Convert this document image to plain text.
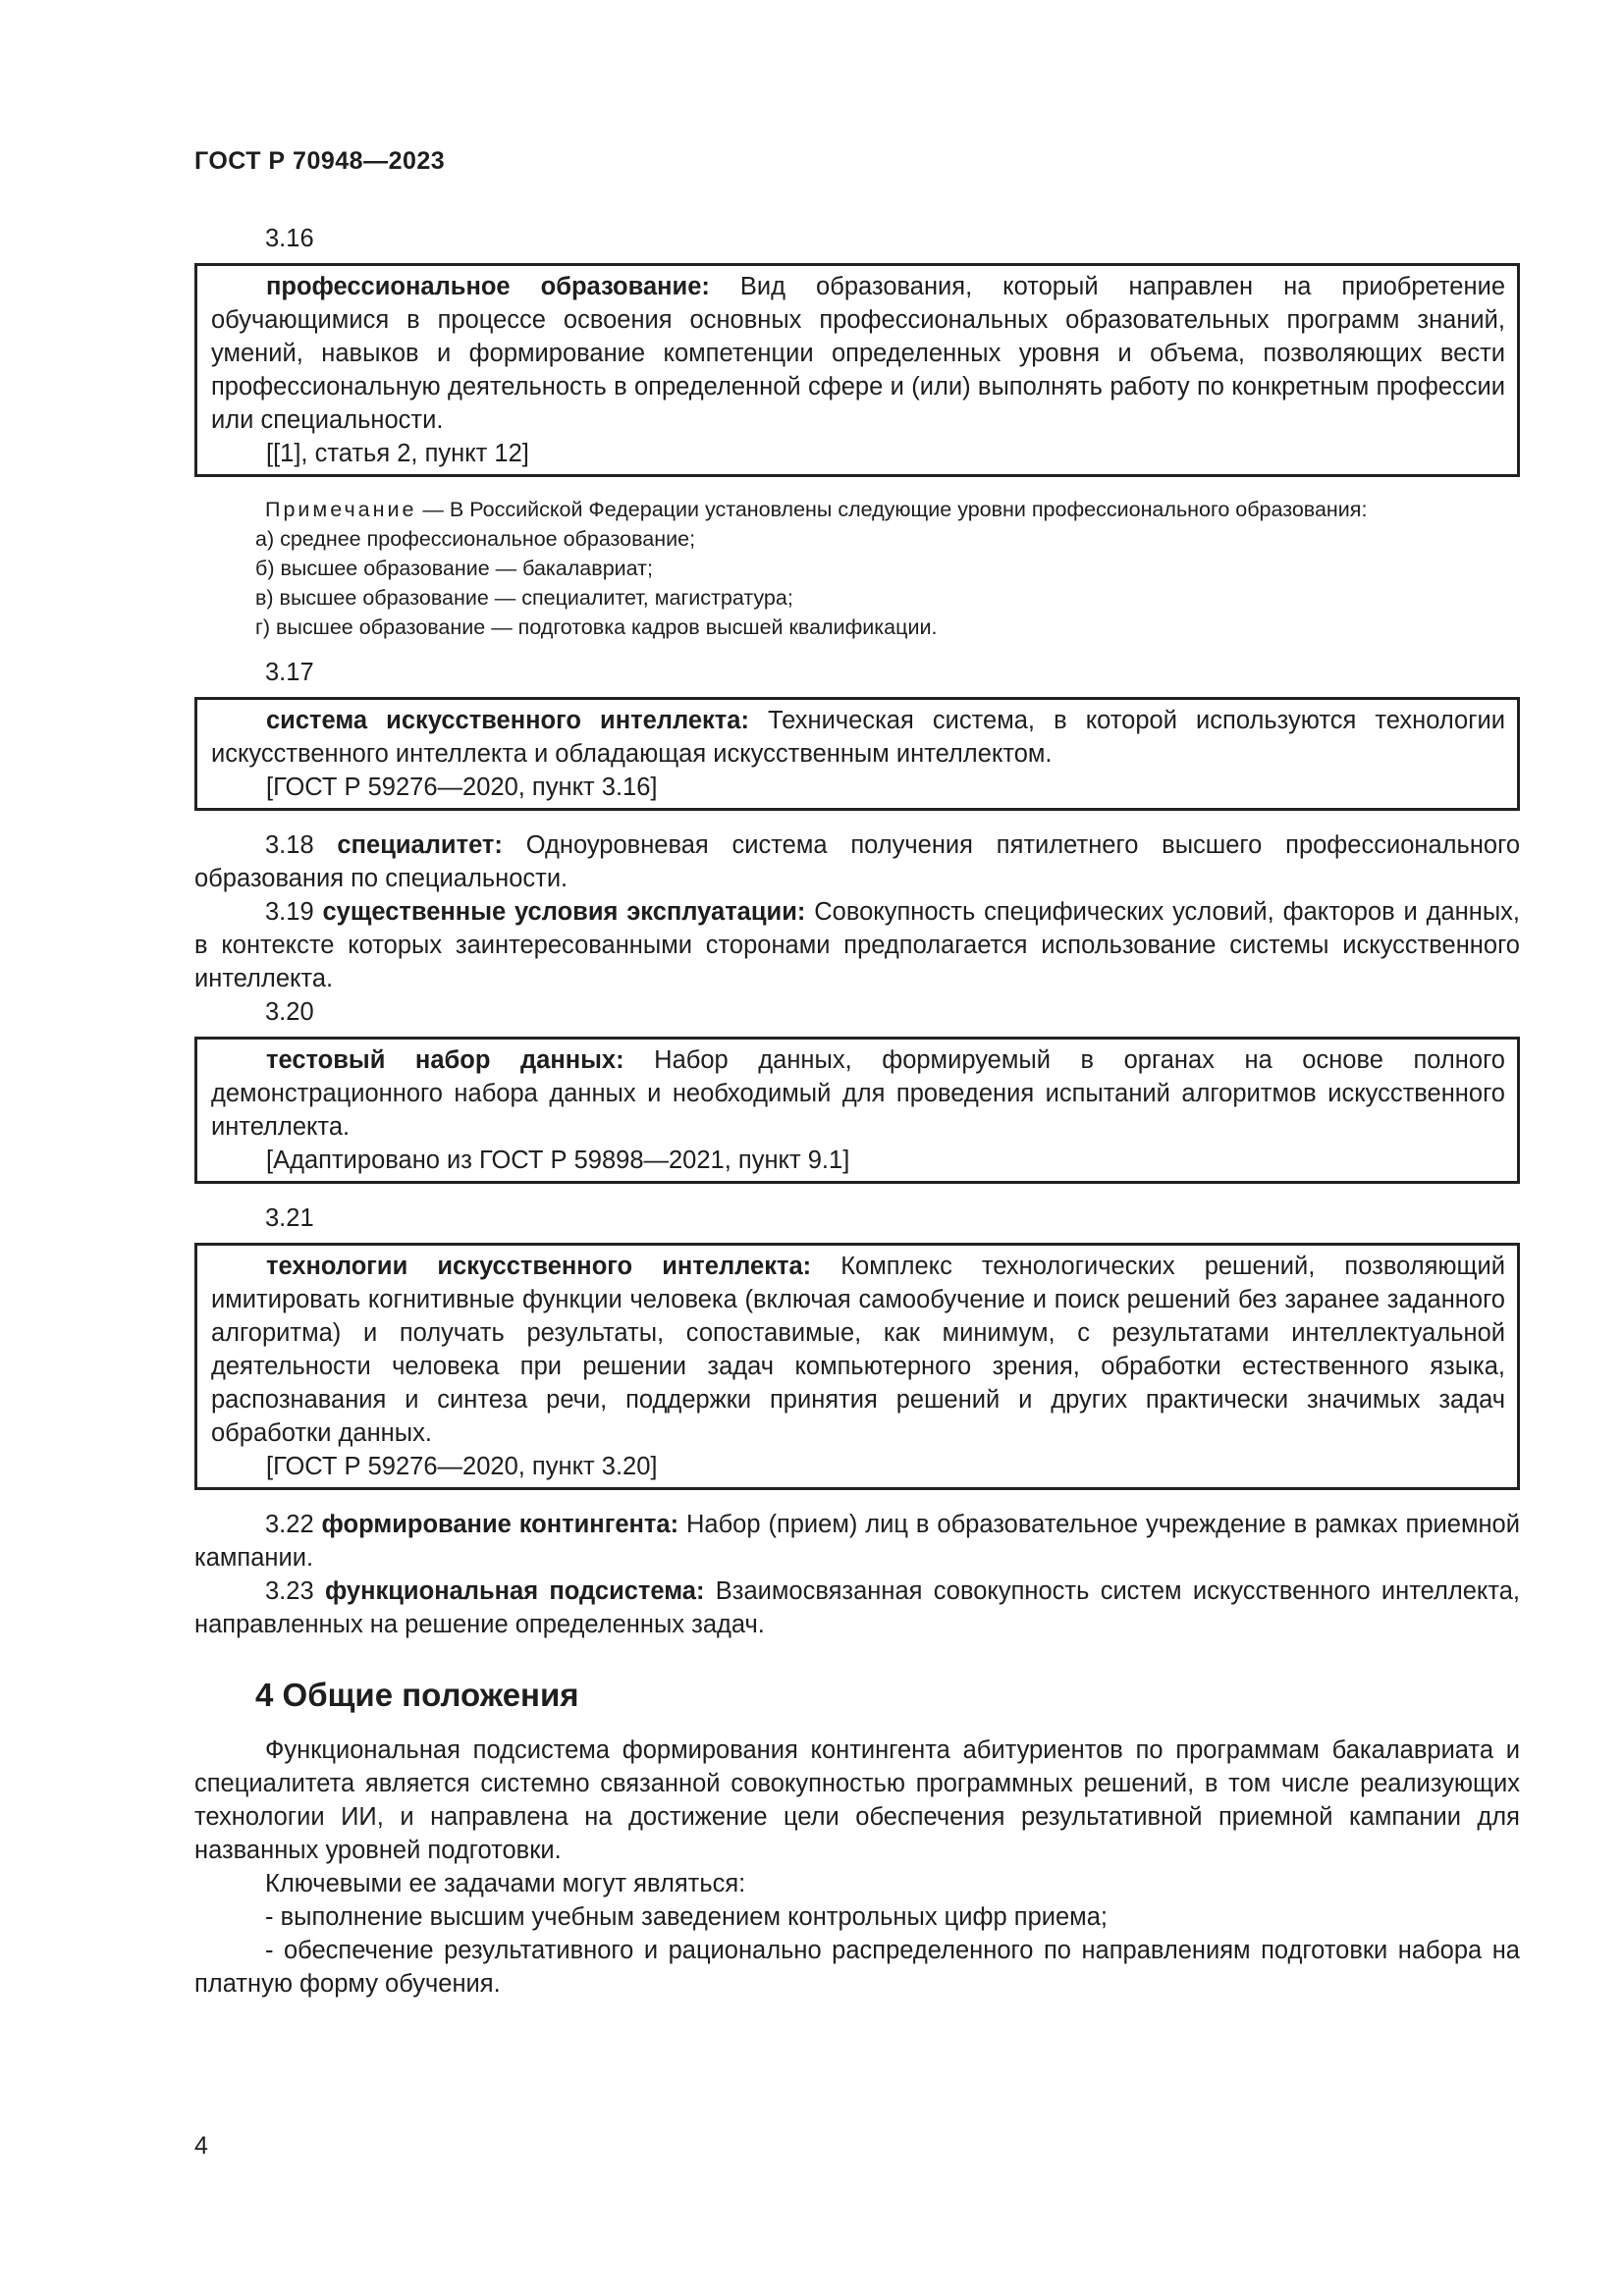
ГОСТ Р 70948—2023
3.16
профессиональное образование: Вид образования, который направлен на приобретение обучающимися в процессе освоения основных профессиональных образовательных программ знаний, умений, навыков и формирование компетенции определенных уровня и объема, позволяющих вести профессиональную деятельность в определенной сфере и (или) выполнять работу по конкретным профессии или специальности.
[[1], статья 2, пункт 12]
Примечание — В Российской Федерации установлены следующие уровни профессионального образования:
а) среднее профессиональное образование;
б) высшее образование — бакалавриат;
в) высшее образование — специалитет, магистратура;
г) высшее образование — подготовка кадров высшей квалификации.
3.17
система искусственного интеллекта: Техническая система, в которой используются технологии искусственного интеллекта и обладающая искусственным интеллектом.
[ГОСТ Р 59276—2020, пункт 3.16]
3.18 специалитет: Одноуровневая система получения пятилетнего высшего профессионального образования по специальности.
3.19 существенные условия эксплуатации: Совокупность специфических условий, факторов и данных, в контексте которых заинтересованными сторонами предполагается использование системы искусственного интеллекта.
3.20
тестовый набор данных: Набор данных, формируемый в органах на основе полного демонстрационного набора данных и необходимый для проведения испытаний алгоритмов искусственного интеллекта.
[Адаптировано из ГОСТ Р 59898—2021, пункт 9.1]
3.21
технологии искусственного интеллекта: Комплекс технологических решений, позволяющий имитировать когнитивные функции человека (включая самообучение и поиск решений без заранее заданного алгоритма) и получать результаты, сопоставимые, как минимум, с результатами интеллектуальной деятельности человека при решении задач компьютерного зрения, обработки естественного языка, распознавания и синтеза речи, поддержки принятия решений и других практически значимых задач обработки данных.
[ГОСТ Р 59276—2020, пункт 3.20]
3.22 формирование контингента: Набор (прием) лиц в образовательное учреждение в рамках приемной кампании.
3.23 функциональная подсистема: Взаимосвязанная совокупность систем искусственного интеллекта, направленных на решение определенных задач.
4 Общие положения
Функциональная подсистема формирования контингента абитуриентов по программам бакалавриата и специалитета является системно связанной совокупностью программных решений, в том числе реализующих технологии ИИ, и направлена на достижение цели обеспечения результативной приемной кампании для названных уровней подготовки.
Ключевыми ее задачами могут являться:
- выполнение высшим учебным заведением контрольных цифр приема;
- обеспечение результативного и рационально распределенного по направлениям подготовки набора на платную форму обучения.
4
